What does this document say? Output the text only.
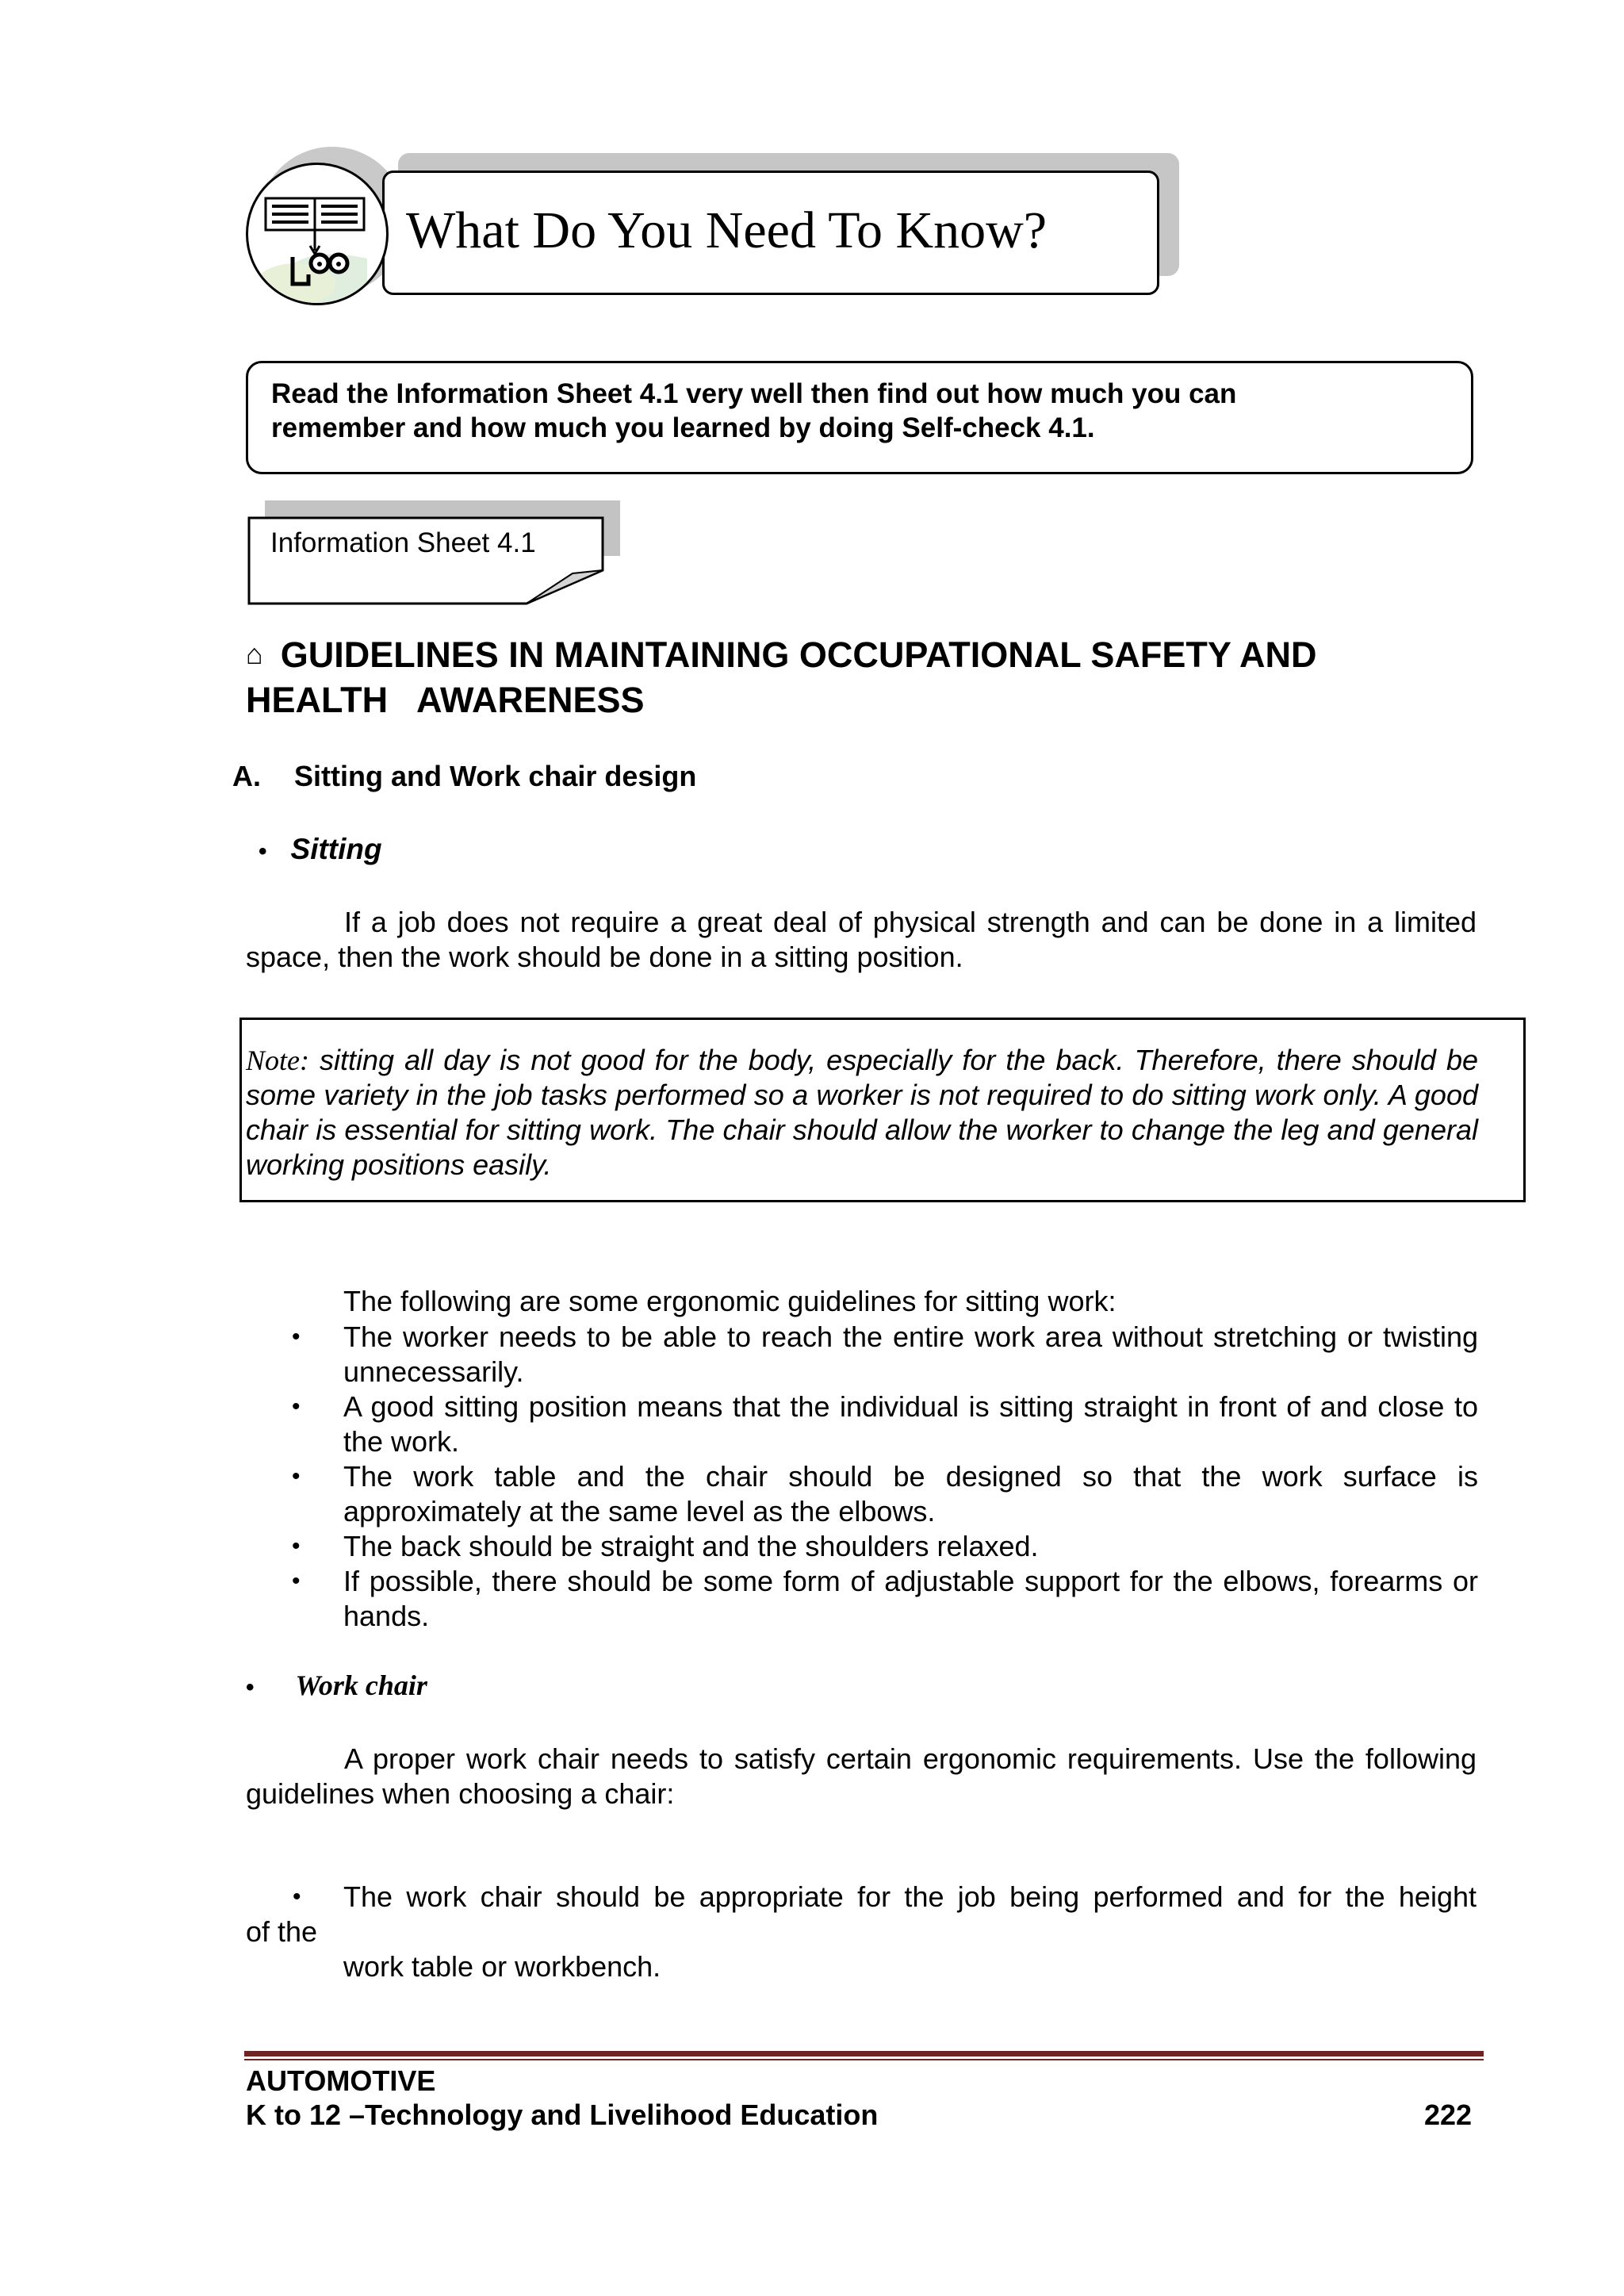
What Do You Need To Know?
Read the Information Sheet 4.1 very well then find out how much you can
remember and how much you learned by doing Self-check 4.1.
Information Sheet 4.1
⌂ GUIDELINES IN MAINTAINING OCCUPATIONAL SAFETY AND
HEALTH   AWARENESS
A. Sitting and Work chair design
• Sitting
If a job does not require a great deal of physical strength and can be done in a limited space, then the work should be done in a sitting position.
Note: sitting all day is not good for the body, especially for the back. Therefore, there should be some variety in the job tasks performed so a worker is not required to do sitting work only. A good chair is essential for sitting work. The chair should allow the worker to change the leg and general working positions easily.
The following are some ergonomic guidelines for sitting work:
• The worker needs to be able to reach the entire work area without stretching or twisting unnecessarily.
• A good sitting position means that the individual is sitting straight in front of and close to the work.
• The work table and the chair should be designed so that the work surface is approximately at the same level as the elbows.
• The back should be straight and the shoulders relaxed.
• If possible, there should be some form of adjustable support for the elbows, forearms or hands.
• Work chair
A proper work chair needs to satisfy certain ergonomic requirements. Use the following guidelines when choosing a chair:
• The work chair should be appropriate for the job being performed and for the height
of the
work table or workbench.
AUTOMOTIVE
K to 12 –Technology and Livelihood Education	222
